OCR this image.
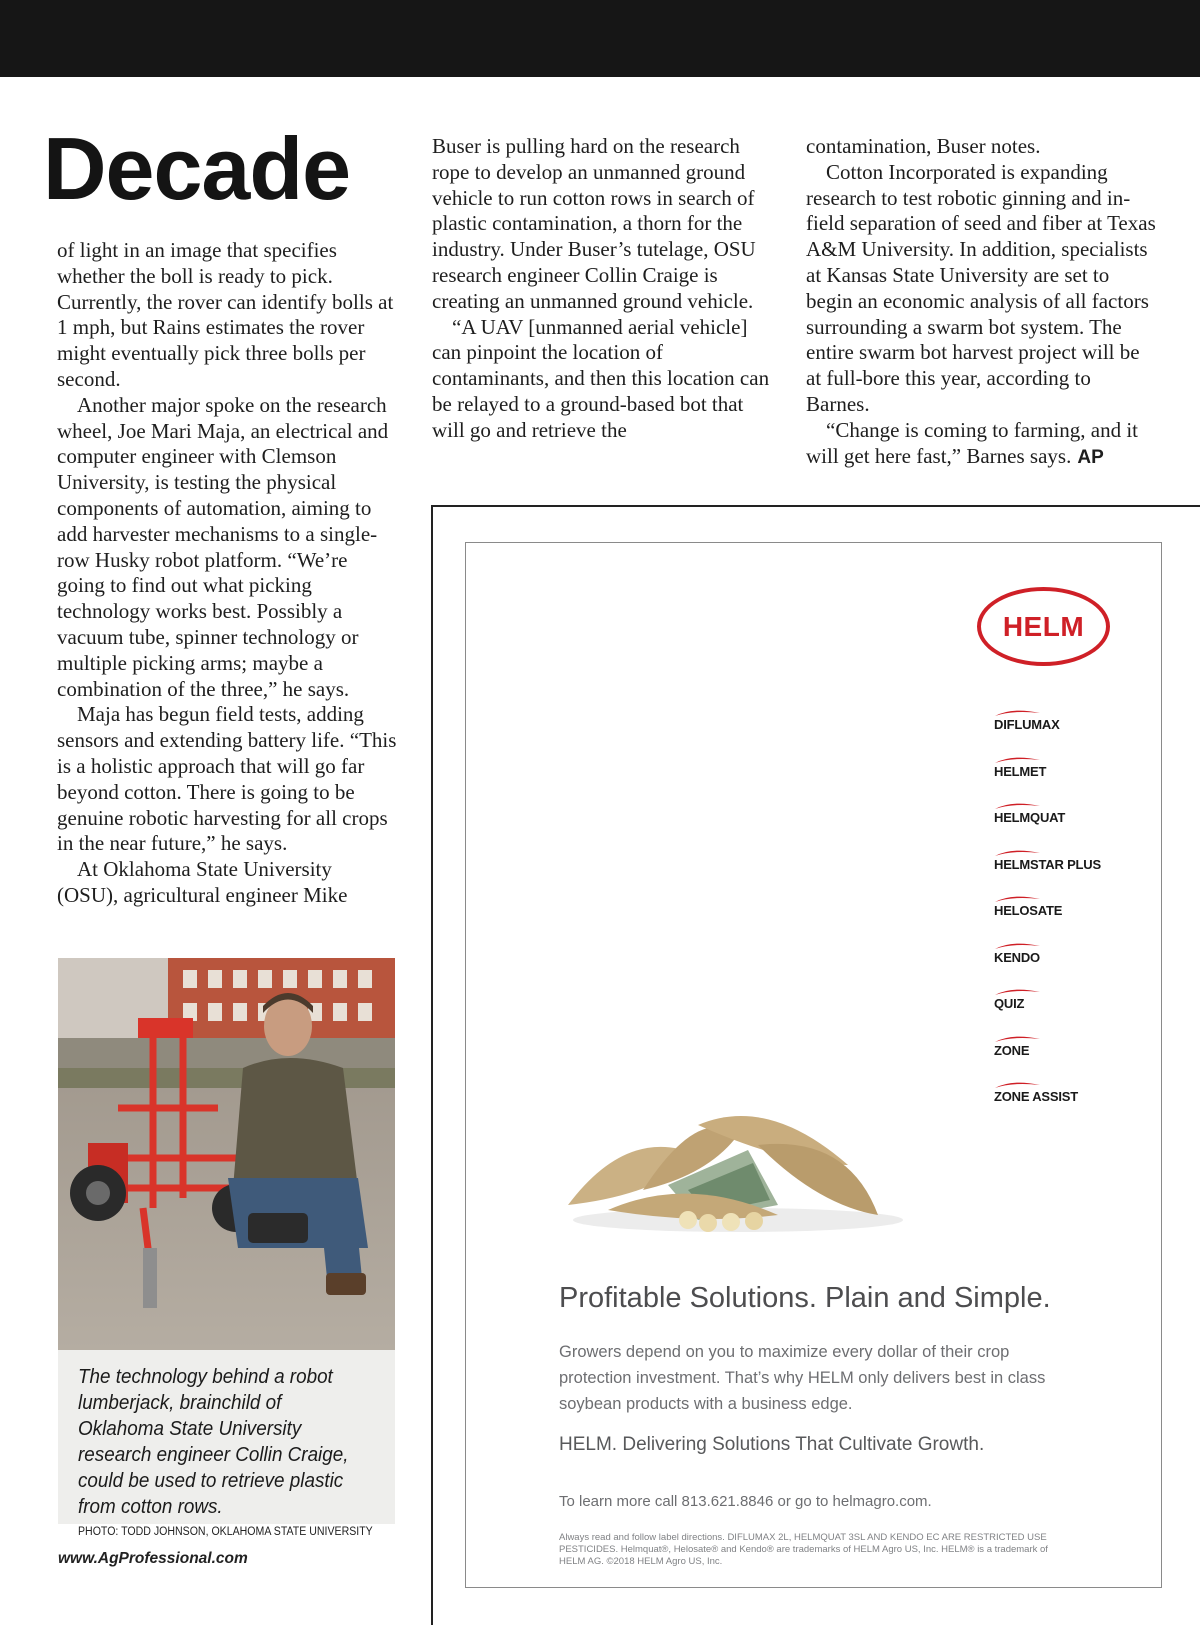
Decade

of light in an image that specifies whether the boll is ready to pick. Currently, the rover can identify bolls at 1 mph, but Rains estimates the rover might eventually pick three bolls per second.

Another major spoke on the research wheel, Joe Mari Maja, an electrical and computer engineer with Clemson University, is testing the physical components of automation, aiming to add harvester mechanisms to a single-row Husky robot platform. “We’re going to find out what picking technology works best. Possibly a vacuum tube, spinner technology or multiple picking arms; maybe a combination of the three,” he says.

Maja has begun field tests, adding sensors and extending battery life. “This is a holistic approach that will go far beyond cotton. There is going to be genuine robotic harvesting for all crops in the near future,” he says.

At Oklahoma State University (OSU), agricultural engineer Mike

Buser is pulling hard on the research rope to develop an unmanned ground vehicle to run cotton rows in search of plastic contamination, a thorn for the industry. Under Buser’s tutelage, OSU research engineer Collin Craige is creating an unmanned ground vehicle.

“A UAV [unmanned aerial vehicle] can pinpoint the location of contaminants, and then this location can be relayed to a ground-based bot that will go and retrieve the

contamination, Buser notes.

Cotton Incorporated is expanding research to test robotic ginning and in-field separation of seed and fiber at Texas A&M University. In addition, specialists at Kansas State University are set to begin an economic analysis of all factors surrounding a swarm bot system. The entire swarm bot harvest project will be at full-bore this year, according to Barnes.

“Change is coming to farming, and it will get here fast,” Barnes says. AP

The technology behind a robot lumberjack, brainchild of Oklahoma State University research engineer Collin Craige, could be used to retrieve plastic from cotton rows.

PHOTO: TODD JOHNSON, OKLAHOMA STATE UNIVERSITY

www.AgProfessional.com
HELM
DIFLUMAX
HELMET
HELMQUAT
HELMSTAR PLUS
HELOSATE
KENDO
QUIZ
ZONE
ZONE ASSIST
Profitable Solutions. Plain and Simple.

Growers depend on you to maximize every dollar of their crop protection investment. That’s why HELM only delivers best in class soybean products with a business edge.

HELM. Delivering Solutions That Cultivate Growth.

To learn more call 813.621.8846 or go to helmagro.com.

Always read and follow label directions. DIFLUMAX 2L, HELMQUAT 3SL AND KENDO EC ARE RESTRICTED USE PESTICIDES. Helmquat®, Helosate® and Kendo® are trademarks of HELM Agro US, Inc. HELM® is a trademark of HELM AG. ©2018 HELM Agro US, Inc.
